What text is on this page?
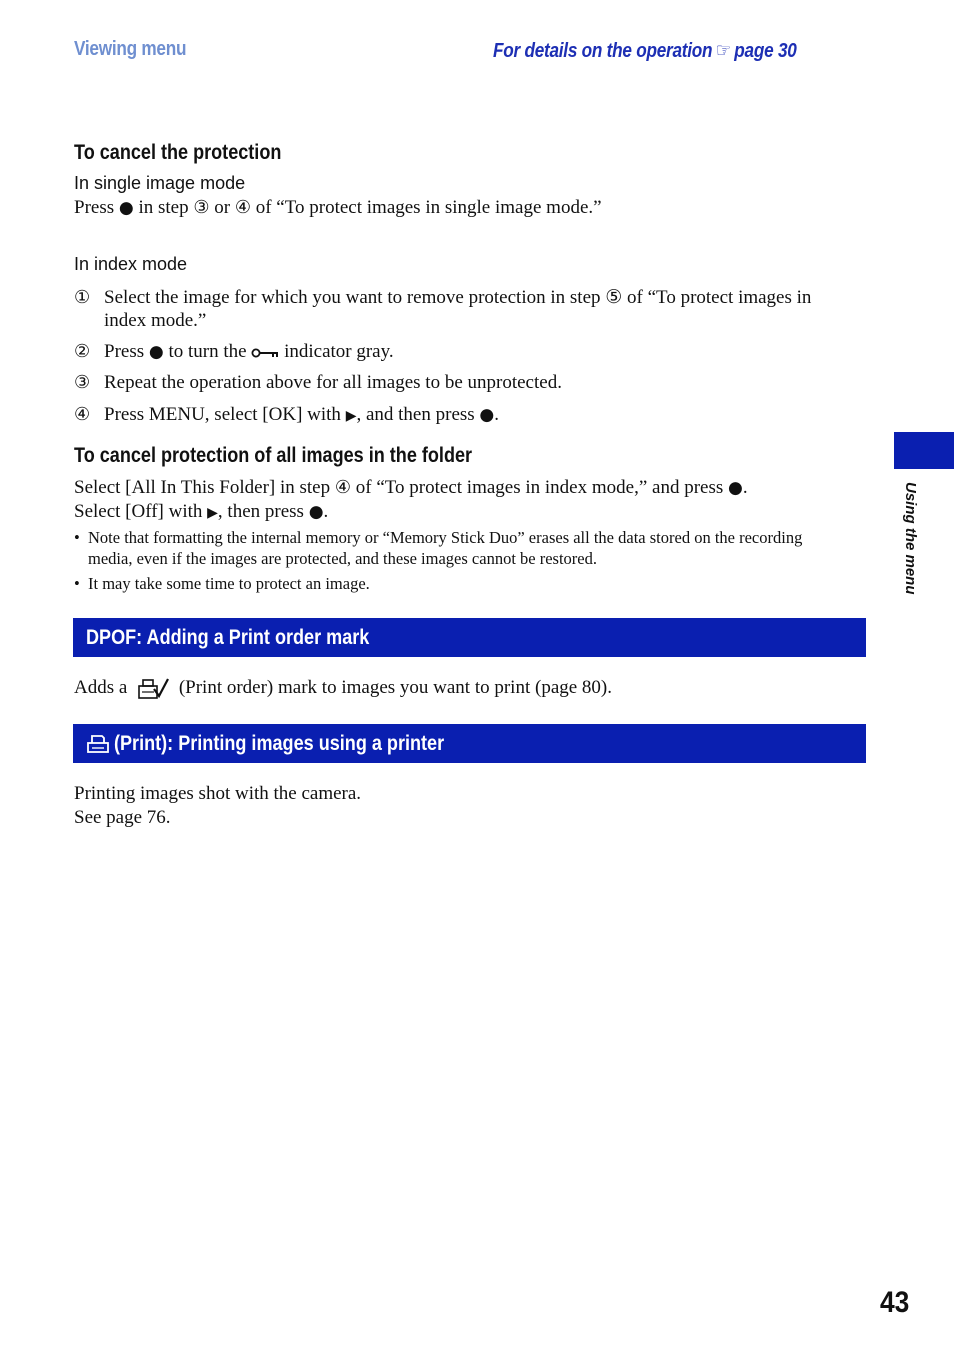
Viewing menu	For details on the operation ☞ page 30
To cancel the protection
In single image mode
Press ● in step ③ or ④ of “To protect images in single image mode.”
In index mode
① Select the image for which you want to remove protection in step ⑤ of “To protect images in index mode.”
② Press ● to turn the indicator gray.
③ Repeat the operation above for all images to be unprotected.
④ Press MENU, select [OK] with ▶, and then press ●.
To cancel protection of all images in the folder
Select [All In This Folder] in step ④ of “To protect images in index mode,” and press ●.
Select [Off] with ▶, then press ●.
• Note that formatting the internal memory or “Memory Stick Duo” erases all the data stored on the recording media, even if the images are protected, and these images cannot be restored.
• It may take some time to protect an image.
DPOF: Adding a Print order mark
Adds a	(Print order) mark to images you want to print (page 80).
(Print): Printing images using a printer
Printing images shot with the camera.
See page 76.
Using the menu
43
